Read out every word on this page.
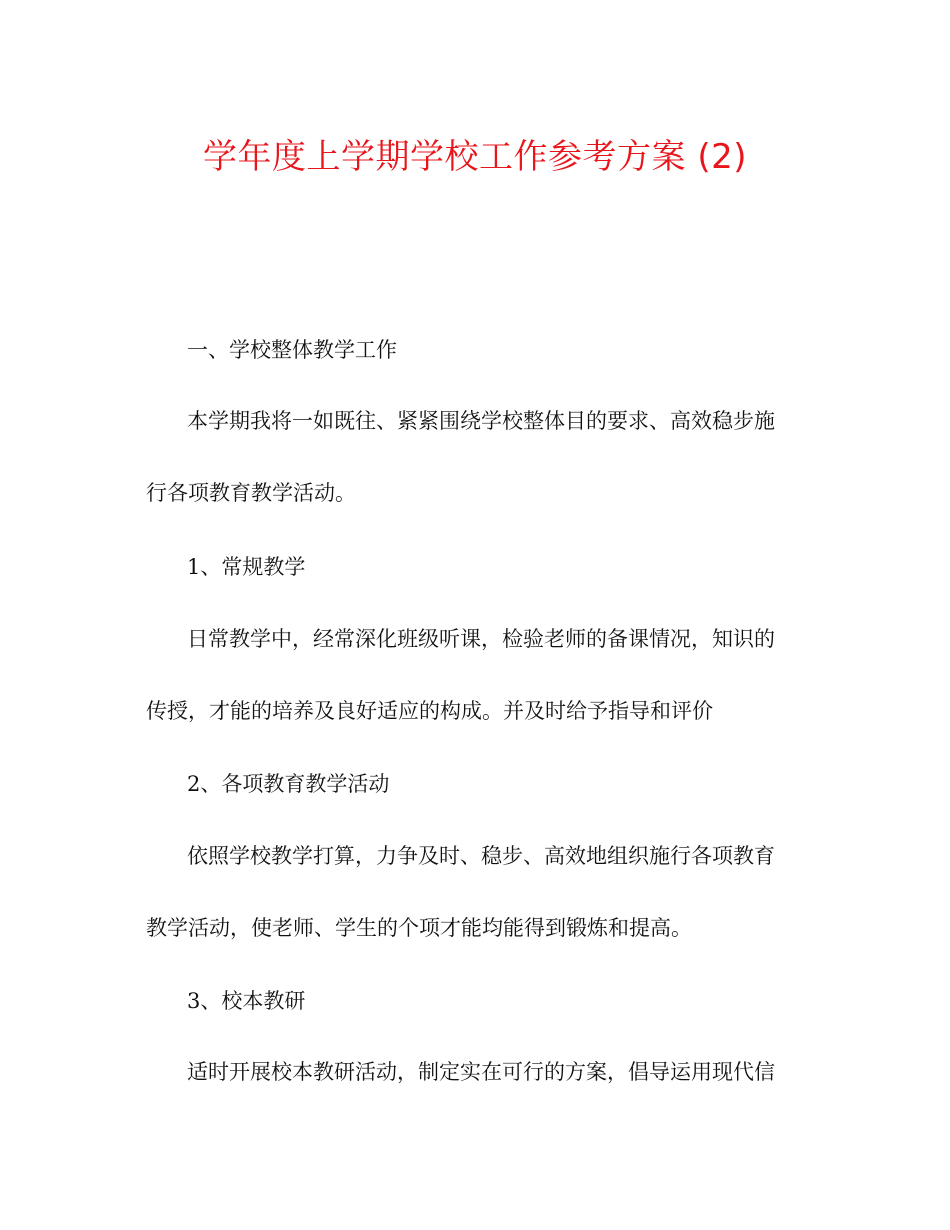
学年度上学期学校工作参考方案 (2)
一、学校整体教学工作
本学期我将一如既往、紧紧围绕学校整体目的要求、高效稳步施
行各项教育教学活动。
1、常规教学
日常教学中，经常深化班级听课，检验老师的备课情况，知识的
传授，才能的培养及良好适应的构成。并及时给予指导和评价
2、各项教育教学活动
依照学校教学打算，力争及时、稳步、高效地组织施行各项教育
教学活动，使老师、学生的个项才能均能得到锻炼和提高。
3、校本教研
适时开展校本教研活动，制定实在可行的方案，倡导运用现代信
